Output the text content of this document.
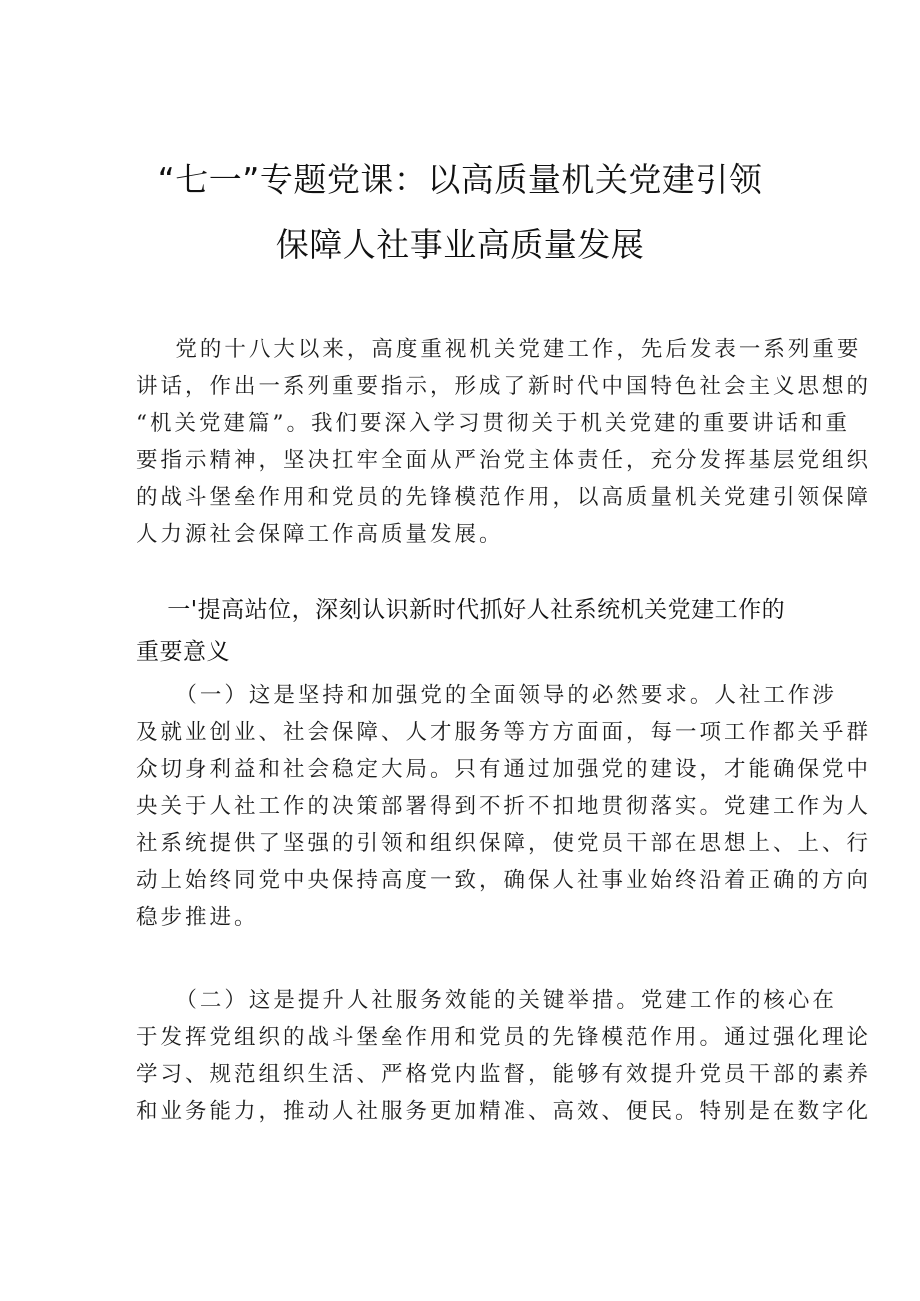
“七一”专题党课：以高质量机关党建引领
保障人社事业高质量发展
党的十八大以来，高度重视机关党建工作，先后发表一系列重要
讲话，作出一系列重要指示，形成了新时代中国特色社会主义思想的
“机关党建篇”。我们要深入学习贯彻关于机关党建的重要讲话和重
要指示精神，坚决扛牢全面从严治党主体责任，充分发挥基层党组织
的战斗堡垒作用和党员的先锋模范作用，以高质量机关党建引领保障
人力源社会保障工作高质量发展。
一'提高站位，深刻认识新时代抓好人社系统机关党建工作的
重要意义
（一）这是坚持和加强党的全面领导的必然要求。人社工作涉
及就业创业、社会保障、人才服务等方方面面，每一项工作都关乎群
众切身利益和社会稳定大局。只有通过加强党的建设，才能确保党中
央关于人社工作的决策部署得到不折不扣地贯彻落实。党建工作为人
社系统提供了坚强的引领和组织保障，使党员干部在思想上、上、行
动上始终同党中央保持高度一致，确保人社事业始终沿着正确的方向
稳步推进。
（二）这是提升人社服务效能的关键举措。党建工作的核心在
于发挥党组织的战斗堡垒作用和党员的先锋模范作用。通过强化理论
学习、规范组织生活、严格党内监督，能够有效提升党员干部的素养
和业务能力，推动人社服务更加精准、高效、便民。特别是在数字化
